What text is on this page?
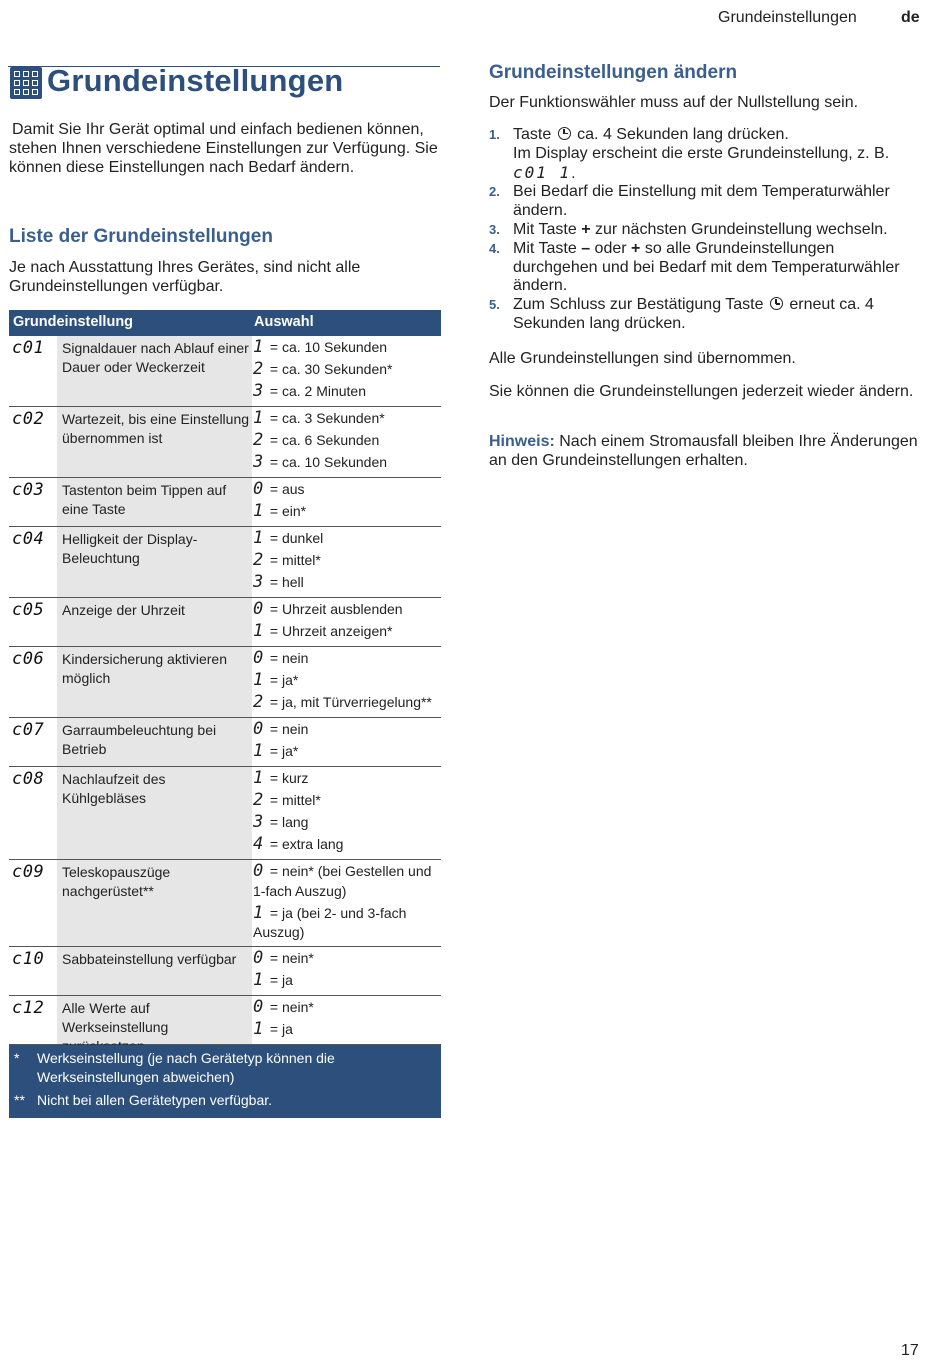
Grundeinstellungen	de
Grundeinstellungen
Damit Sie Ihr Gerät optimal und einfach bedienen können, stehen Ihnen verschiedene Einstellungen zur Verfügung. Sie können diese Einstellungen nach Bedarf ändern.
Liste der Grundeinstellungen
Je nach Ausstattung Ihres Gerätes, sind nicht alle Grundeinstellungen verfügbar.
Grundeinstellung	Auswahl
c01	Signaldauer nach Ablauf einer Dauer oder Weckerzeit
1 = ca. 10 Sekunden
2 = ca. 30 Sekunden*
3 = ca. 2 Minuten
c02	Wartezeit, bis eine Einstellung übernommen ist
1 = ca. 3 Sekunden*
2 = ca. 6 Sekunden
3 = ca. 10 Sekunden
c03	Tastenton beim Tippen auf eine Taste
0 = aus
1 = ein*
c04	Helligkeit der Display-Beleuchtung
1 = dunkel
2 = mittel*
3 = hell
c05	Anzeige der Uhrzeit	0 = Uhrzeit ausblenden
1 = Uhrzeit anzeigen*
c06	Kindersicherung aktivieren möglich
0 = nein
1 = ja*
2 = ja, mit Türverriegelung**
c07	Garraumbeleuchtung bei Betrieb
0 = nein
1 = ja*
c08	Nachlaufzeit des Kühlgebläses
1 = kurz
2 = mittel*
3 = lang
4 = extra lang
c09	Teleskopauszüge nachgerüstet**
0 = nein* (bei Gestellen und 1-fach Auszug)
1 = ja (bei 2- und 3-fach Auszug)
c10	Sabbateinstellung verfügbar 0 = nein*
1 = ja
c12	Alle Werte auf Werkseinstellung
0 = nein*
1 = ja
* Werkseinstellung (je nach Gerätetyp können die Werkseinstellungen abweichen)
** Nicht bei allen Gerätetypen verfügbar.
Grundeinstellungen ändern
Der Funktionswähler muss auf der Nullstellung sein.
1. Taste ca. 4 Sekunden lang drücken.
Im Display erscheint die erste Grundeinstellung, z. B. c01 1.
2. Bei Bedarf die Einstellung mit dem Temperaturwähler ändern.
3. Mit Taste + zur nächsten Grundeinstellung wechseln.
4. Mit Taste – oder + so alle Grundeinstellungen durchgehen und bei Bedarf mit dem Temperaturwähler ändern.
5. Zum Schluss zur Bestätigung Taste erneut ca. 4 Sekunden lang drücken.
Alle Grundeinstellungen sind übernommen.
Sie können die Grundeinstellungen jederzeit wieder ändern.
Hinweis: Nach einem Stromausfall bleiben Ihre Änderungen an den Grundeinstellungen erhalten.
17
